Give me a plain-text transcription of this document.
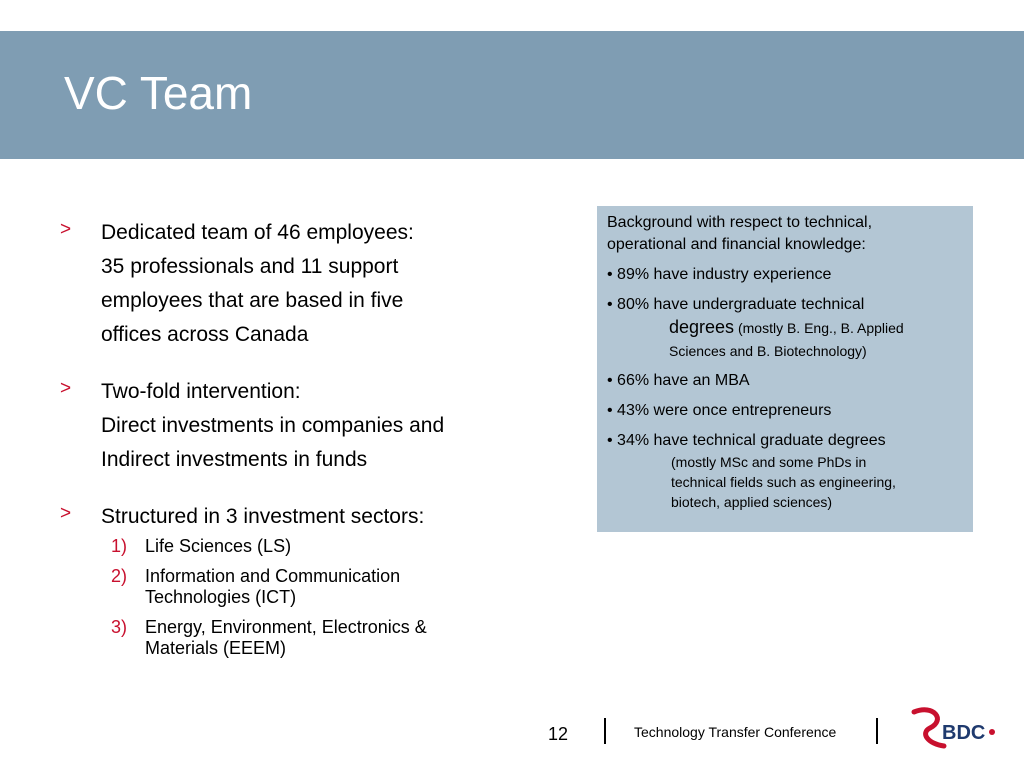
VC Team
> Dedicated team of 46 employees:
35 professionals and 11 support
employees that are based in five
offices across Canada
> Two-fold intervention:
Direct investments in companies and
Indirect investments in funds
> Structured in 3 investment sectors:
1) Life Sciences (LS)
2) Information and Communication
Technologies (ICT)
3) Energy, Environment, Electronics &
Materials (EEEM)

Background with respect to technical,

operational and financial knowledge:

• 89% have industry experience

• 80% have undergraduate technical

degrees (mostly B. Eng., B. Applied

Sciences and B. Biotechnology)

• 66% have an MBA

• 43% were once entrepreneurs

• 34% have technical graduate degrees

(mostly MSc and some PhDs in

technical fields such as engineering,

biotech, applied sciences)

12	Technology Transfer Conference	BDC
